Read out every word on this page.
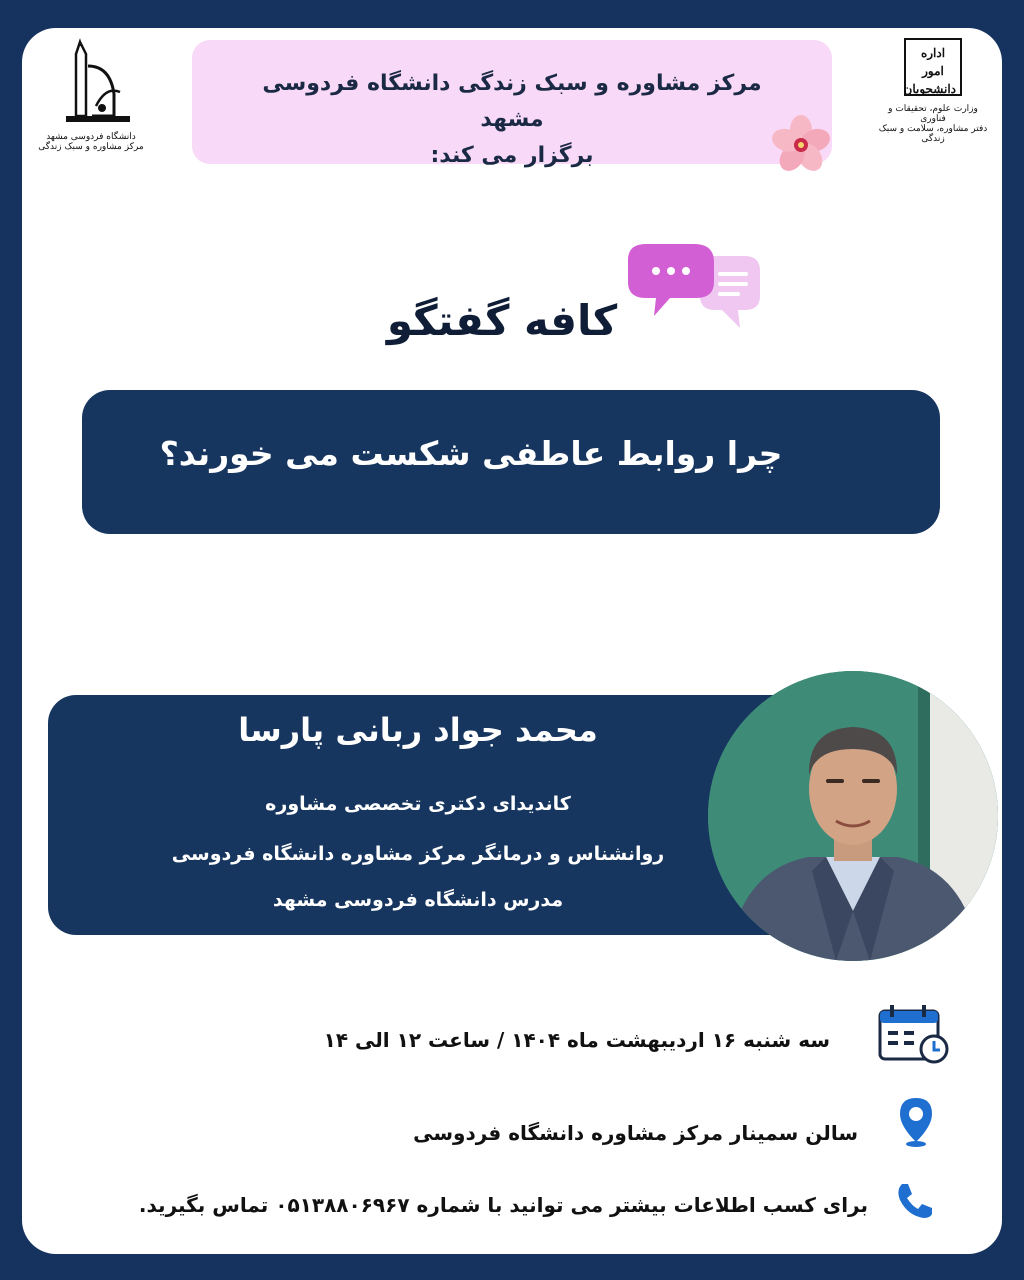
دانشگاه فردوسی مشهد
مرکز مشاوره و سبک زندگی
مرکز مشاوره و سبک زندگی دانشگاه فردوسی مشهد
برگزار می کند:
اداره امور دانشجویان
وزارت علوم، تحقیقات و فناوری
دفتر مشاوره، سلامت و سبک زندگی
کافه گفتگو
چرا روابط عاطفی شکست می خورند؟
محمد جواد ربانی پارسا
کاندیدای دکتری تخصصی مشاوره
روانشناس و درمانگر مرکز مشاوره دانشگاه فردوسی
مدرس دانشگاه فردوسی مشهد
سه شنبه ۱۶ اردیبهشت ماه ۱۴۰۴ / ساعت ۱۲ الی ۱۴
سالن سمینار مرکز مشاوره دانشگاه فردوسی
برای کسب اطلاعات بیشتر می توانید با شماره ۰۵۱۳۸۸۰۶۹۶۷ تماس بگیرید.
